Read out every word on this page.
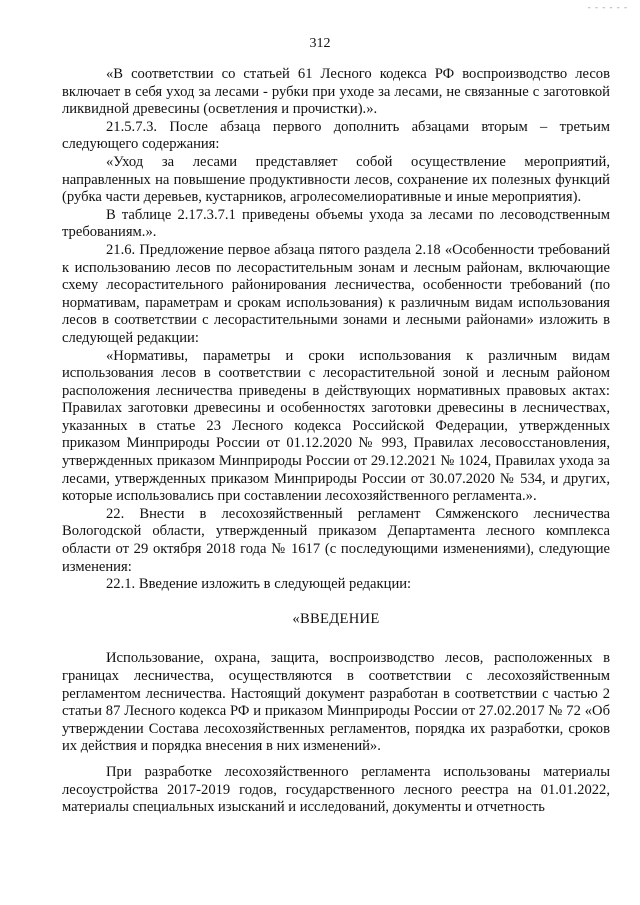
- - - - - -
312

«В соответствии со статьей 61 Лесного кодекса РФ воспроизводство лесов включает в себя уход за лесами - рубки при уходе за лесами, не связанные с заготовкой ликвидной древесины (осветления и прочистки).».

21.5.7.3. После абзаца первого дополнить абзацами вторым – третьим следующего содержания:

«Уход за лесами представляет собой осуществление мероприятий, направленных на повышение продуктивности лесов, сохранение их полезных функций (рубка части деревьев, кустарников, агролесомелиоративные и иные мероприятия).

В таблице 2.17.3.7.1 приведены объемы ухода за лесами по лесоводственным требованиям.».

21.6. Предложение первое абзаца пятого раздела 2.18 «Особенности требований к использованию лесов по лесорастительным зонам и лесным районам, включающие схему лесорастительного районирования лесничества, особенности требований (по нормативам, параметрам и срокам использования) к различным видам использования лесов в соответствии с лесорастительными зонами и лесными районами» изложить в следующей редакции:

«Нормативы, параметры и сроки использования к различным видам использования лесов в соответствии с лесорастительной зоной и лесным районом расположения лесничества приведены в действующих нормативных правовых актах: Правилах заготовки древесины и особенностях заготовки древесины в лесничествах, указанных в статье 23 Лесного кодекса Российской Федерации, утвержденных приказом Минприроды России от 01.12.2020 № 993, Правилах лесовосстановления, утвержденных приказом Минприроды России от 29.12.2021 № 1024, Правилах ухода за лесами, утвержденных приказом Минприроды России от 30.07.2020 № 534, и других, которые использовались при составлении лесохозяйственного регламента.».

22. Внести в лесохозяйственный регламент Сямженского лесничества Вологодской области, утвержденный приказом Департамента лесного комплекса области от 29 октября 2018 года № 1617 (с последующими изменениями), следующие изменения:

22.1. Введение изложить в следующей редакции:

«ВВЕДЕНИЕ

Использование, охрана, защита, воспроизводство лесов, расположенных в границах лесничества, осуществляются в соответствии с лесохозяйственным регламентом лесничества. Настоящий документ разработан в соответствии с частью 2 статьи 87 Лесного кодекса РФ и приказом Минприроды России от 27.02.2017 № 72 «Об утверждении Состава лесохозяйственных регламентов, порядка их разработки, сроков их действия и порядка внесения в них изменений».

При разработке лесохозяйственного регламента использованы материалы лесоустройства 2017-2019 годов, государственного лесного реестра на 01.01.2022, материалы специальных изысканий и исследований, документы и отчетность
